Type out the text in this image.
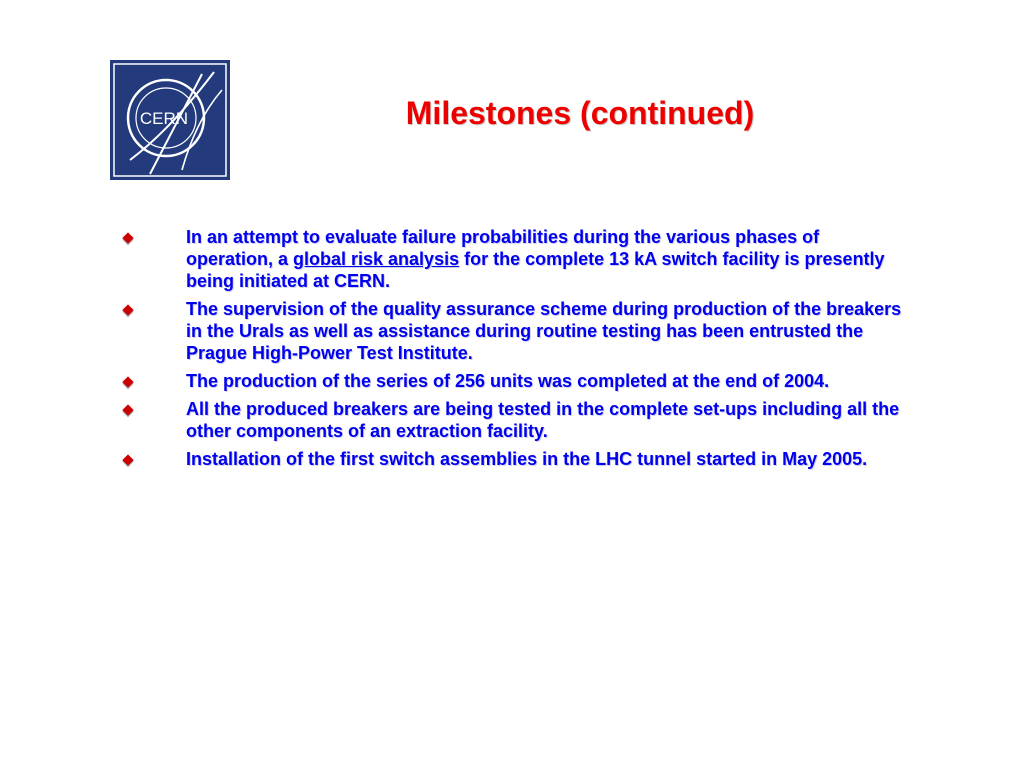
CERN	Milestones (continued)
In an attempt to evaluate failure probabilities during the various phases of operation, a global risk analysis for the complete 13 kA switch facility is presently being initiated at CERN.
The supervision of the quality assurance scheme during production of the breakers in the Urals as well as assistance during routine testing has been entrusted the Prague High-Power Test Institute.
The production of the series of 256 units was completed at the end of 2004.
All the produced breakers are being tested in the complete set-ups including all the other components of an extraction facility.
Installation of the first switch assemblies in the LHC tunnel started in May 2005.
